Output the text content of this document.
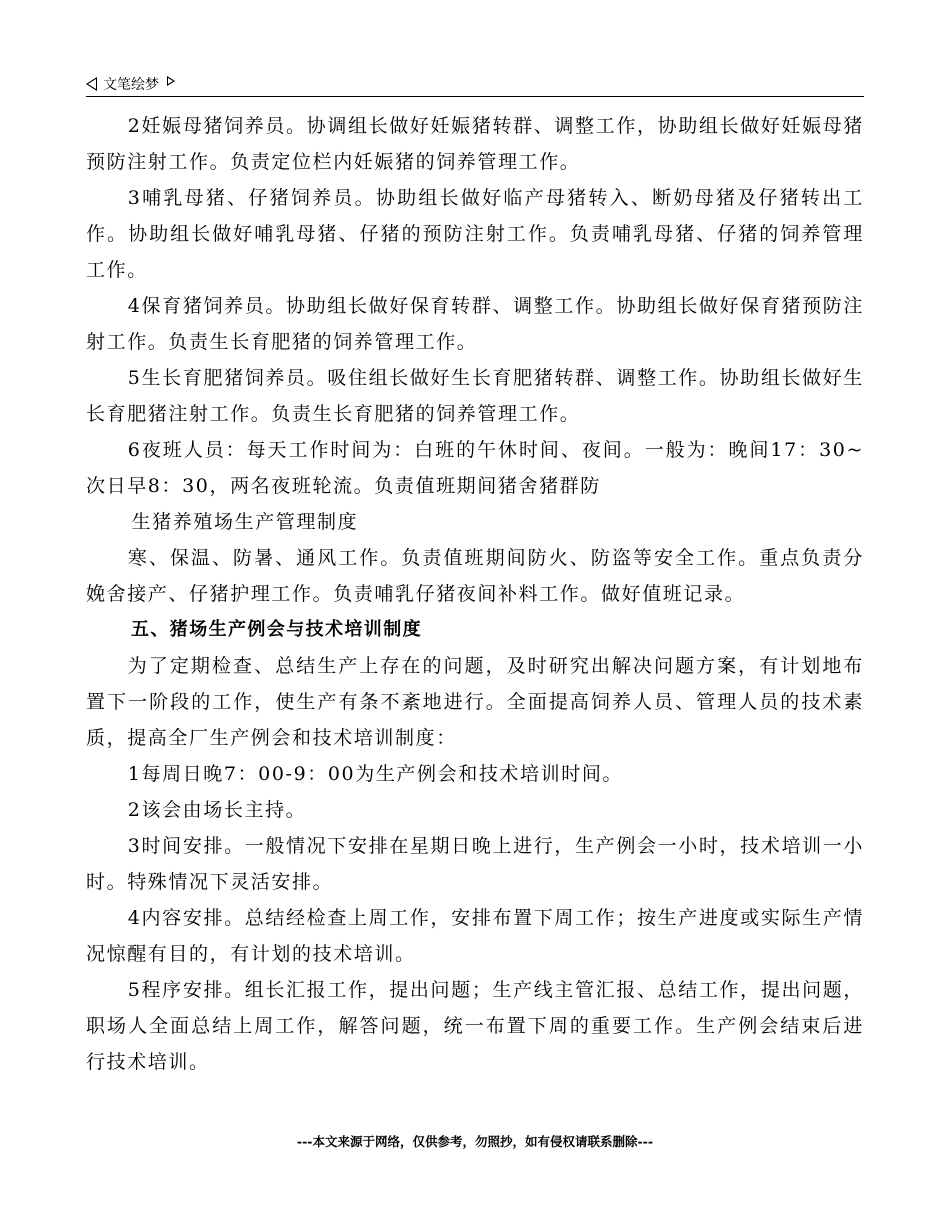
文笔绘梦

2妊娠母猪饲养员。协调组长做好妊娠猪转群、调整工作，协助组长做好妊娠母猪预防注射工作。负责定位栏内妊娠猪的饲养管理工作。

3哺乳母猪、仔猪饲养员。协助组长做好临产母猪转入、断奶母猪及仔猪转出工作。协助组长做好哺乳母猪、仔猪的预防注射工作。负责哺乳母猪、仔猪的饲养管理工作。

4保育猪饲养员。协助组长做好保育转群、调整工作。协助组长做好保育猪预防注射工作。负责生长育肥猪的饲养管理工作。

5生长育肥猪饲养员。吸住组长做好生长育肥猪转群、调整工作。协助组长做好生长育肥猪注射工作。负责生长育肥猪的饲养管理工作。

6夜班人员：每天工作时间为：白班的午休时间、夜间。一般为：晚间17：30~次日早8：30，两名夜班轮流。负责值班期间猪舍猪群防

生猪养殖场生产管理制度

寒、保温、防暑、通风工作。负责值班期间防火、防盗等安全工作。重点负责分娩舍接产、仔猪护理工作。负责哺乳仔猪夜间补料工作。做好值班记录。

五、猪场生产例会与技术培训制度

为了定期检查、总结生产上存在的问题，及时研究出解决问题方案，有计划地布置下一阶段的工作，使生产有条不紊地进行。全面提高饲养人员、管理人员的技术素质，提高全厂生产例会和技术培训制度：

1每周日晚7：00-9：00为生产例会和技术培训时间。

2该会由场长主持。

3时间安排。一般情况下安排在星期日晚上进行，生产例会一小时，技术培训一小时。特殊情况下灵活安排。

4内容安排。总结经检查上周工作，安排布置下周工作；按生产进度或实际生产情况惊醒有目的，有计划的技术培训。

5程序安排。组长汇报工作，提出问题；生产线主管汇报、总结工作，提出问题，职场人全面总结上周工作，解答问题，统一布置下周的重要工作。生产例会结束后进行技术培训。

---本文来源于网络，仅供参考，勿照抄，如有侵权请联系删除---
